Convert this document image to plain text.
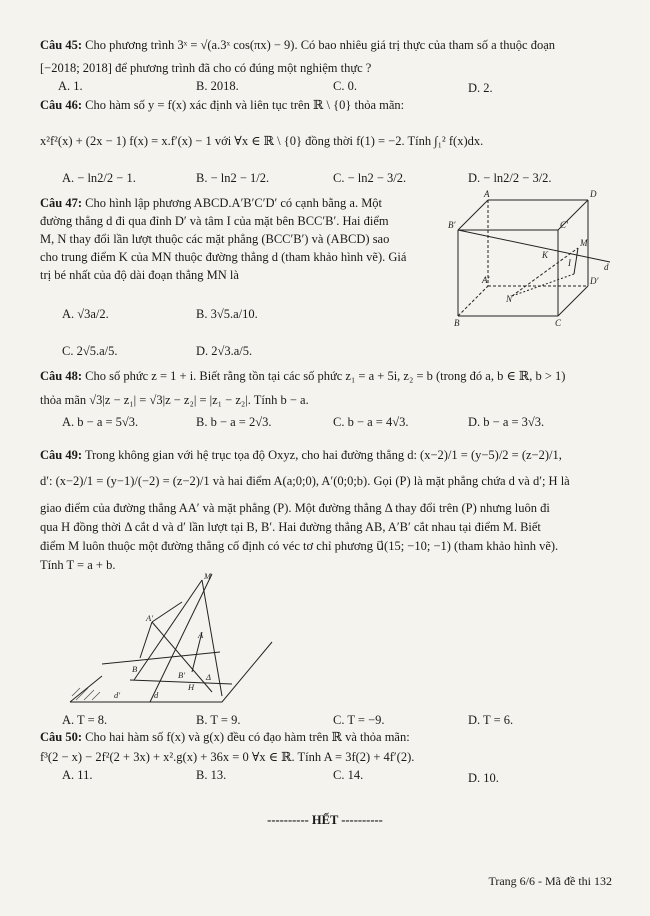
Câu 45: Cho phương trình 3ˣ = √(a.3ˣ cos(πx) − 9). Có bao nhiêu giá trị thực của tham số a thuộc đoạn
[−2018; 2018] để phương trình đã cho có đúng một nghiệm thực ?
A. 1.	B. 2018.	C. 0.	D. 2.
Câu 46: Cho hàm số y = f(x) xác định và liên tục trên ℝ \ {0} thỏa mãn:
x²f²(x) + (2x − 1) f(x) = x.f′(x) − 1 với ∀x ∈ ℝ \ {0} đồng thời f(1) = −2. Tính ∫₁² f(x)dx.
A. − ln2/2 − 1.	B. − ln2 − 1/2.	C. − ln2 − 3/2.	D. − ln2/2 − 3/2.
Câu 47: Cho hình lập phương ABCD.A′B′C′D′ có cạnh bằng a. Một
đường thẳng d đi qua đỉnh D′ và tâm I của mặt bên BCC′B′. Hai điểm
M, N thay đổi lần lượt thuộc các mặt phẳng (BCC′B′) và (ABCD) sao
cho trung điểm K của MN thuộc đường thẳng d (tham khảo hình vẽ). Giá
trị bé nhất của độ dài đoạn thẳng MN là
A. √3a/2.	B. 3√5.a/10.
C. 2√5.a/5.	D. 2√3.a/5.
A
B
D
C
A′
B′
D′
C′
I
K
M
N
d
Câu 48: Cho số phức z = 1 + i. Biết rằng tồn tại các số phức z₁ = a + 5i, z₂ = b (trong đó a, b ∈ ℝ, b > 1)
thỏa mãn √3|z − z₁| = √3|z − z₂| = |z₁ − z₂|. Tính b − a.
A. b − a = 5√3.	B. b − a = 2√3.	C. b − a = 4√3.	D. b − a = 3√3.
Câu 49: Trong không gian với hệ trục tọa độ Oxyz, cho hai đường thẳng d: (x−2)/1 = (y−5)/2 = (z−2)/1,
d′: (x−2)/1 = (y−1)/(−2) = (z−2)/1 và hai điểm A(a;0;0), A′(0;0;b). Gọi (P) là mặt phẳng chứa d và d′; H là
giao điểm của đường thẳng AA′ và mặt phẳng (P). Một đường thẳng Δ thay đổi trên (P) nhưng luôn đi
qua H đồng thời Δ cắt d và d′ lần lượt tại B, B′. Hai đường thẳng AB, A′B′ cắt nhau tại điểm M. Biết
điểm M luôn thuộc một đường thẳng cố định có véc tơ chỉ phương u⃗(15; −10; −1) (tham khảo hình vẽ).
Tính T = a + b.
M
A
A′
B
B′
H
Δ
d
d′
A. T = 8.	B. T = 9.	C. T = −9.	D. T = 6.
Câu 50: Cho hai hàm số f(x) và g(x) đều có đạo hàm trên ℝ và thỏa mãn:
f³(2 − x) − 2f²(2 + 3x) + x².g(x) + 36x = 0 ∀x ∈ ℝ. Tính A = 3f(2) + 4f′(2).
A. 11.	B. 13.	C. 14.	D. 10.
---------- HẾT ----------
Trang 6/6 - Mã đề thi 132
